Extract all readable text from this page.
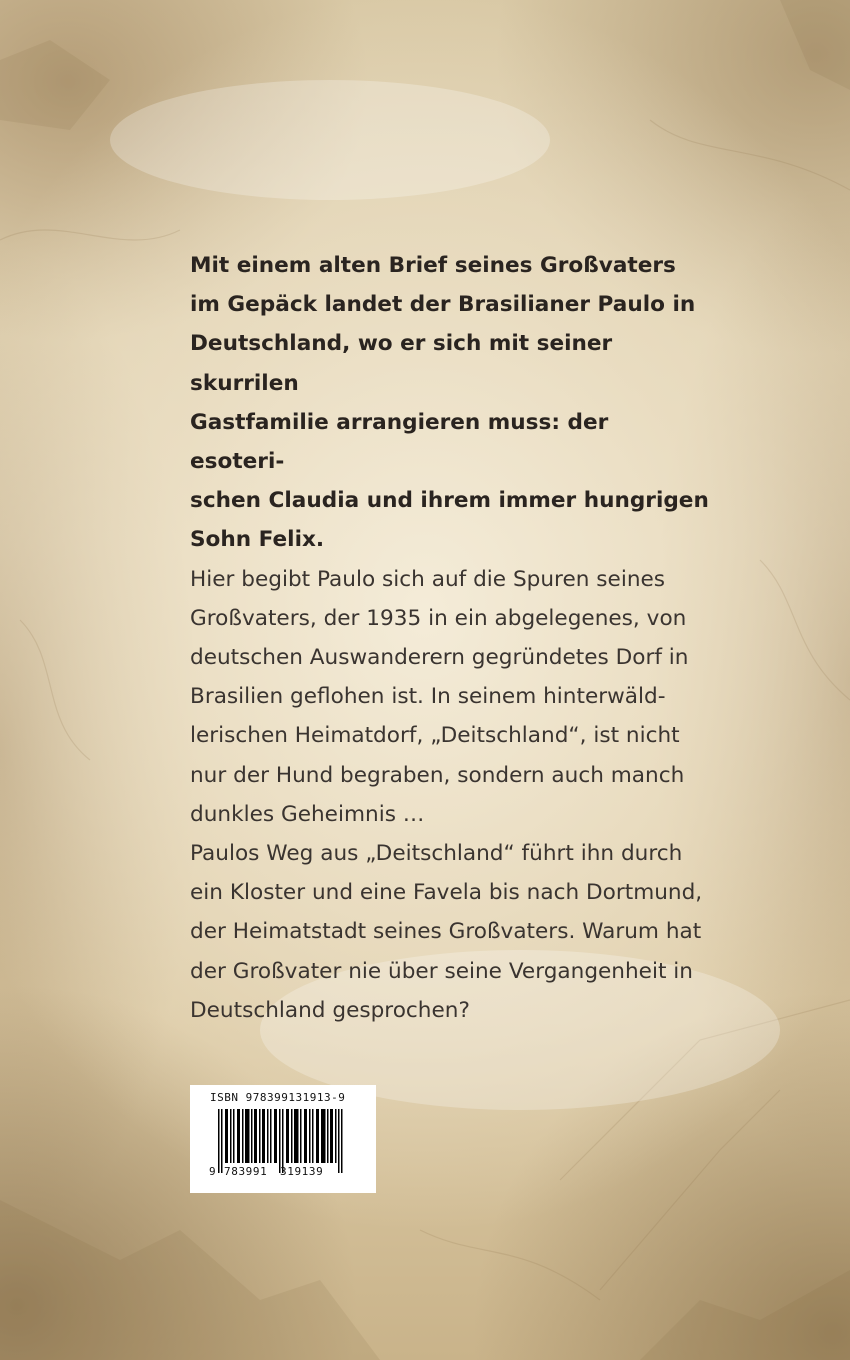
Mit einem alten Brief seines Großvaters
im Gepäck landet der Brasilianer Paulo in
Deutschland, wo er sich mit seiner skurrilen
Gastfamilie arrangieren muss: der esoteri-
schen Claudia und ihrem immer hungrigen
Sohn Felix.

Hier begibt Paulo sich auf die Spuren seines
Großvaters, der 1935 in ein abgelegenes, von
deutschen Auswanderern gegründetes Dorf in
Brasilien geflohen ist. In seinem hinterwäld-
lerischen Heimatdorf, „Deitschland“, ist nicht
nur der Hund begraben, sondern auch manch
dunkles Geheimnis …

Paulos Weg aus „Deitschland“ führt ihn durch
ein Kloster und eine Favela bis nach Dortmund,
der Heimatstadt seines Großvaters. Warum hat
der Großvater nie über seine Vergangenheit in
Deutschland gesprochen?

ISBN 978399131913-9
9 783991 319139
